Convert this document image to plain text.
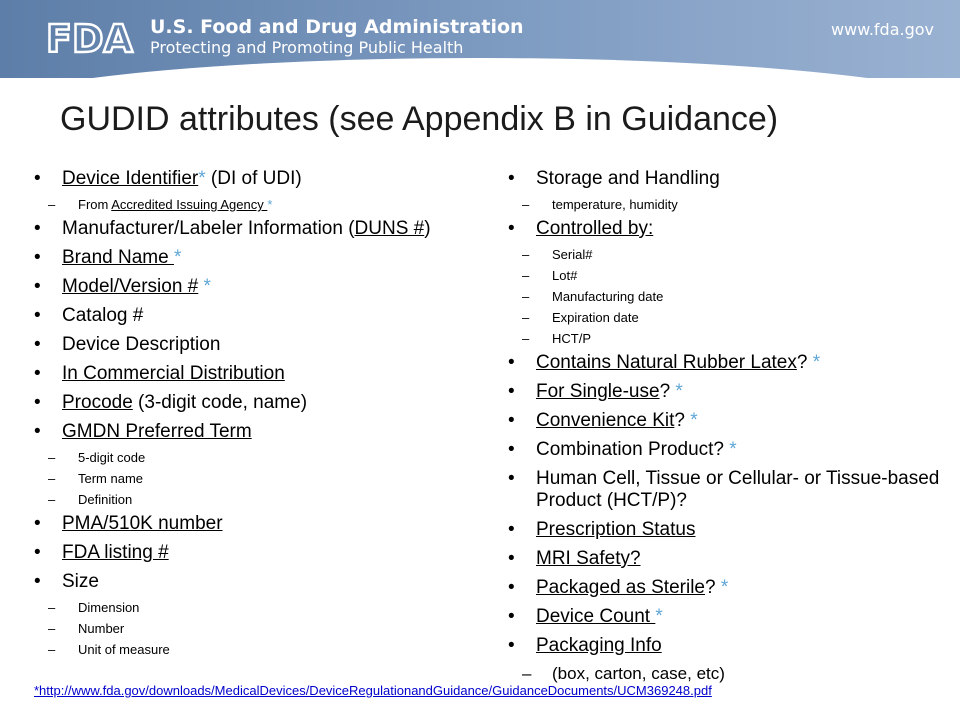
FDA U.S. Food and Drug Administration
Protecting and Promoting Public Health
www.fda.gov
GUDID attributes (see Appendix B in Guidance)
• Device Identifier* (DI of UDI)
– From Accredited Issuing Agency *
• Manufacturer/Labeler Information (DUNS #)
• Brand Name *
• Model/Version # *
• Catalog #
• Device Description
• In Commercial Distribution
• Procode (3-digit code, name)
• GMDN Preferred Term
– 5-digit code
– Term name
– Definition
• PMA/510K number
• FDA listing #
• Size
– Dimension
– Number
– Unit of measure
• Storage and Handling
– temperature, humidity
• Controlled by:
– Serial#
– Lot#
– Manufacturing date
– Expiration date
– HCT/P
• Contains Natural Rubber Latex? *
• For Single-use? *
• Convenience Kit? *
• Combination Product? *
• Human Cell, Tissue or Cellular- or Tissue-based Product (HCT/P)?
• Prescription Status
• MRI Safety?
• Packaged as Sterile? *
• Device Count *
• Packaging Info
– (box, carton, case, etc)
*http://www.fda.gov/downloads/MedicalDevices/DeviceRegulationandGuidance/GuidanceDocuments/UCM369248.pdf
